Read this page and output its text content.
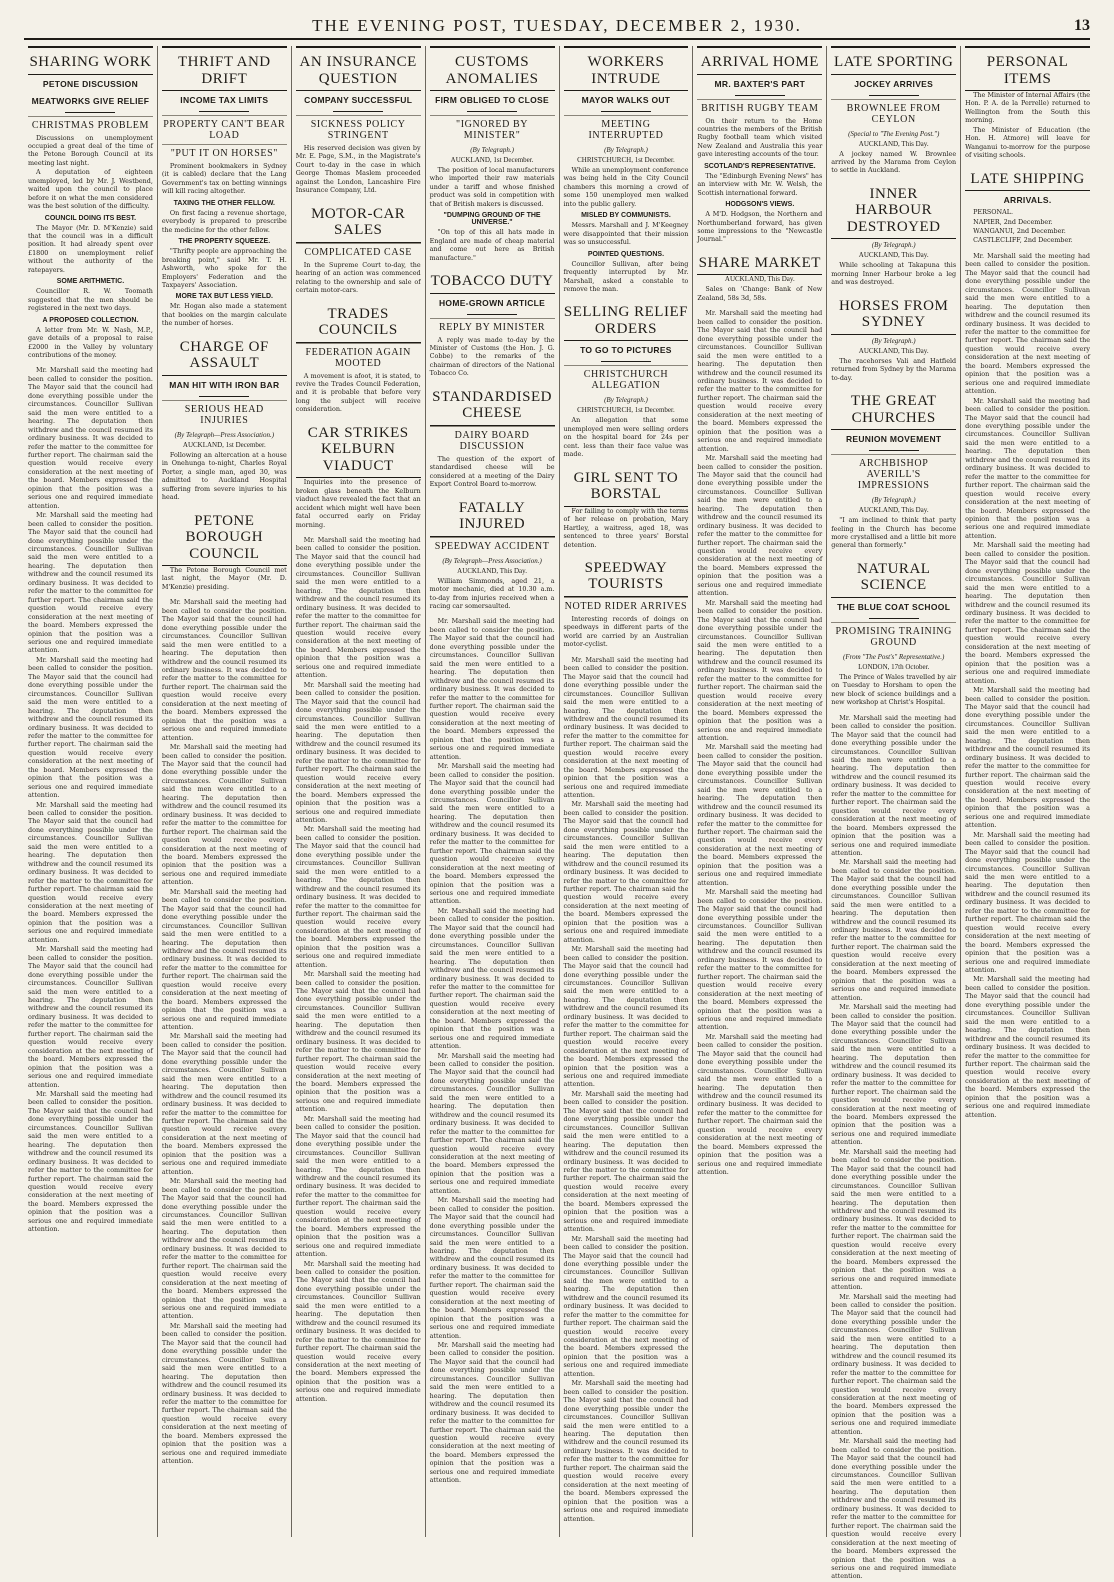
THE EVENING POST, TUESDAY, DECEMBER 2, 1930.	13
SHARING WORK
PETONE DISCUSSION
MEATWORKS GIVE RELIEF
CHRISTMAS PROBLEM

Discussions on unemployment occupied a great deal of the time of the Petone Borough Council at its meeting last night.

A deputation of eighteen unemployed, led by Mr. J. Westbend, waited upon the council to place before it on what the men considered was the best solution of the difficulty.

COUNCIL DOING ITS BEST.

The Mayor (Mr. D. M'Kenzie) said that the council was in a difficult position. It had already spent over £1800 on unemployment relief without the authority of the ratepayers.

SOME ARITHMETIC.

Councillor R. W. Toomath suggested that the men should be registered in the next two days.

A PROPOSED COLLECTION.

A letter from Mr. W. Nash, M.P., gave details of a proposal to raise £2000 in the Valley by voluntary contributions of the money.

Mr. Marshall said the meeting had been called to consider the position. The Mayor said that the council had done everything possible under the circumstances. Councillor Sullivan said the men were entitled to a hearing. The deputation then withdrew and the council resumed its ordinary business. It was decided to refer the matter to the committee for further report. The chairman said the question would receive every consideration at the next meeting of the board. Members expressed the opinion that the position was a serious one and required immediate attention.

Mr. Marshall said the meeting had been called to consider the position. The Mayor said that the council had done everything possible under the circumstances. Councillor Sullivan said the men were entitled to a hearing. The deputation then withdrew and the council resumed its ordinary business. It was decided to refer the matter to the committee for further report. The chairman said the question would receive every consideration at the next meeting of the board. Members expressed the opinion that the position was a serious one and required immediate attention.

Mr. Marshall said the meeting had been called to consider the position. The Mayor said that the council had done everything possible under the circumstances. Councillor Sullivan said the men were entitled to a hearing. The deputation then withdrew and the council resumed its ordinary business. It was decided to refer the matter to the committee for further report. The chairman said the question would receive every consideration at the next meeting of the board. Members expressed the opinion that the position was a serious one and required immediate attention.

Mr. Marshall said the meeting had been called to consider the position. The Mayor said that the council had done everything possible under the circumstances. Councillor Sullivan said the men were entitled to a hearing. The deputation then withdrew and the council resumed its ordinary business. It was decided to refer the matter to the committee for further report. The chairman said the question would receive every consideration at the next meeting of the board. Members expressed the opinion that the position was a serious one and required immediate attention.

Mr. Marshall said the meeting had been called to consider the position. The Mayor said that the council had done everything possible under the circumstances. Councillor Sullivan said the men were entitled to a hearing. The deputation then withdrew and the council resumed its ordinary business. It was decided to refer the matter to the committee for further report. The chairman said the question would receive every consideration at the next meeting of the board. Members expressed the opinion that the position was a serious one and required immediate attention.

Mr. Marshall said the meeting had been called to consider the position. The Mayor said that the council had done everything possible under the circumstances. Councillor Sullivan said the men were entitled to a hearing. The deputation then withdrew and the council resumed its ordinary business. It was decided to refer the matter to the committee for further report. The chairman said the question would receive every consideration at the next meeting of the board. Members expressed the opinion that the position was a serious one and required immediate attention.

THRIFT AND DRIFT
INCOME TAX LIMITS
PROPERTY CAN'T BEAR LOAD
"PUT IT ON HORSES"

Prominent bookmakers in Sydney (it is cabled) declare that the Lang Government's tax on betting winnings will kill racing altogether.

TAXING THE OTHER FELLOW.

On first facing a revenue shortage, everybody is prepared to prescribe the medicine for the other fellow.

THE PROPERTY SQUEEZE.

"Thrifty people are approaching the breaking point," said Mr. T. H. Ashworth, who spoke for the Employers' Federation and the Taxpayers' Association.

MORE TAX BUT LESS YIELD.

Mr. Hogan also made a statement that bookies on the margin calculate the number of horses.

CHARGE OF ASSAULT
MAN HIT WITH IRON BAR
SERIOUS HEAD INJURIES
(By Telegraph—Press Association.)
AUCKLAND, 1st December.

Following an altercation at a house in Onehunga to-night, Charles Royal Porter, a single man, aged 30, was admitted to Auckland Hospital suffering from severe injuries to his head.

PETONE BOROUGH COUNCIL

The Petone Borough Council met last night, the Mayor (Mr. D. M'Kenzie) presiding.

Mr. Marshall said the meeting had been called to consider the position. The Mayor said that the council had done everything possible under the circumstances. Councillor Sullivan said the men were entitled to a hearing. The deputation then withdrew and the council resumed its ordinary business. It was decided to refer the matter to the committee for further report. The chairman said the question would receive every consideration at the next meeting of the board. Members expressed the opinion that the position was a serious one and required immediate attention.

Mr. Marshall said the meeting had been called to consider the position. The Mayor said that the council had done everything possible under the circumstances. Councillor Sullivan said the men were entitled to a hearing. The deputation then withdrew and the council resumed its ordinary business. It was decided to refer the matter to the committee for further report. The chairman said the question would receive every consideration at the next meeting of the board. Members expressed the opinion that the position was a serious one and required immediate attention.

Mr. Marshall said the meeting had been called to consider the position. The Mayor said that the council had done everything possible under the circumstances. Councillor Sullivan said the men were entitled to a hearing. The deputation then withdrew and the council resumed its ordinary business. It was decided to refer the matter to the committee for further report. The chairman said the question would receive every consideration at the next meeting of the board. Members expressed the opinion that the position was a serious one and required immediate attention.

Mr. Marshall said the meeting had been called to consider the position. The Mayor said that the council had done everything possible under the circumstances. Councillor Sullivan said the men were entitled to a hearing. The deputation then withdrew and the council resumed its ordinary business. It was decided to refer the matter to the committee for further report. The chairman said the question would receive every consideration at the next meeting of the board. Members expressed the opinion that the position was a serious one and required immediate attention.

Mr. Marshall said the meeting had been called to consider the position. The Mayor said that the council had done everything possible under the circumstances. Councillor Sullivan said the men were entitled to a hearing. The deputation then withdrew and the council resumed its ordinary business. It was decided to refer the matter to the committee for further report. The chairman said the question would receive every consideration at the next meeting of the board. Members expressed the opinion that the position was a serious one and required immediate attention.

Mr. Marshall said the meeting had been called to consider the position. The Mayor said that the council had done everything possible under the circumstances. Councillor Sullivan said the men were entitled to a hearing. The deputation then withdrew and the council resumed its ordinary business. It was decided to refer the matter to the committee for further report. The chairman said the question would receive every consideration at the next meeting of the board. Members expressed the opinion that the position was a serious one and required immediate attention.

AN INSURANCE QUESTION
COMPANY SUCCESSFUL
SICKNESS POLICY STRINGENT

His reserved decision was given by Mr. E. Page, S.M., in the Magistrate's Court to-day in the case in which George Thomas Maslem proceeded against the London, Lancashire Fire Insurance Company, Ltd.

MOTOR-CAR SALES
COMPLICATED CASE

In the Supreme Court to-day, the hearing of an action was commenced relating to the ownership and sale of certain motor-cars.

TRADES COUNCILS
FEDERATION AGAIN MOOTED

A movement is afoot, it is stated, to revive the Trades Council Federation, and it is probable that before very long the subject will receive consideration.

CAR STRIKES KELBURN VIADUCT

Inquiries into the presence of broken glass beneath the Kelburn viaduct have revealed the fact that an accident which might well have been fatal occurred early on Friday morning.

Mr. Marshall said the meeting had been called to consider the position. The Mayor said that the council had done everything possible under the circumstances. Councillor Sullivan said the men were entitled to a hearing. The deputation then withdrew and the council resumed its ordinary business. It was decided to refer the matter to the committee for further report. The chairman said the question would receive every consideration at the next meeting of the board. Members expressed the opinion that the position was a serious one and required immediate attention.

Mr. Marshall said the meeting had been called to consider the position. The Mayor said that the council had done everything possible under the circumstances. Councillor Sullivan said the men were entitled to a hearing. The deputation then withdrew and the council resumed its ordinary business. It was decided to refer the matter to the committee for further report. The chairman said the question would receive every consideration at the next meeting of the board. Members expressed the opinion that the position was a serious one and required immediate attention.

Mr. Marshall said the meeting had been called to consider the position. The Mayor said that the council had done everything possible under the circumstances. Councillor Sullivan said the men were entitled to a hearing. The deputation then withdrew and the council resumed its ordinary business. It was decided to refer the matter to the committee for further report. The chairman said the question would receive every consideration at the next meeting of the board. Members expressed the opinion that the position was a serious one and required immediate attention.

Mr. Marshall said the meeting had been called to consider the position. The Mayor said that the council had done everything possible under the circumstances. Councillor Sullivan said the men were entitled to a hearing. The deputation then withdrew and the council resumed its ordinary business. It was decided to refer the matter to the committee for further report. The chairman said the question would receive every consideration at the next meeting of the board. Members expressed the opinion that the position was a serious one and required immediate attention.

Mr. Marshall said the meeting had been called to consider the position. The Mayor said that the council had done everything possible under the circumstances. Councillor Sullivan said the men were entitled to a hearing. The deputation then withdrew and the council resumed its ordinary business. It was decided to refer the matter to the committee for further report. The chairman said the question would receive every consideration at the next meeting of the board. Members expressed the opinion that the position was a serious one and required immediate attention.

Mr. Marshall said the meeting had been called to consider the position. The Mayor said that the council had done everything possible under the circumstances. Councillor Sullivan said the men were entitled to a hearing. The deputation then withdrew and the council resumed its ordinary business. It was decided to refer the matter to the committee for further report. The chairman said the question would receive every consideration at the next meeting of the board. Members expressed the opinion that the position was a serious one and required immediate attention.

CUSTOMS ANOMALIES
FIRM OBLIGED TO CLOSE
"IGNORED BY MINISTER"
(By Telegraph.)
AUCKLAND, 1st December.

The position of local manufacturers who imported their raw materials under a tariff and whose finished product was sold in competition with that of British makers is discussed.

"DUMPING GROUND OF THE UNIVERSE."

"On top of this all hats made in England are made of cheap material and come out here as British manufacture."

TOBACCO DUTY
HOME-GROWN ARTICLE
REPLY BY MINISTER

A reply was made to-day by the Minister of Customs (the Hon. J. G. Cobbe) to the remarks of the chairman of directors of the National Tobacco Co.

STANDARDISED CHEESE
DAIRY BOARD DISCUSSION

The question of the export of standardised cheese will be considered at a meeting of the Dairy Export Control Board to-morrow.

FATALLY INJURED
SPEEDWAY ACCIDENT
(By Telegraph—Press Association.)
AUCKLAND, This Day.

William Simmonds, aged 21, a motor mechanic, died at 10.30 a.m. to-day from injuries received when a racing car somersaulted.

Mr. Marshall said the meeting had been called to consider the position. The Mayor said that the council had done everything possible under the circumstances. Councillor Sullivan said the men were entitled to a hearing. The deputation then withdrew and the council resumed its ordinary business. It was decided to refer the matter to the committee for further report. The chairman said the question would receive every consideration at the next meeting of the board. Members expressed the opinion that the position was a serious one and required immediate attention.

Mr. Marshall said the meeting had been called to consider the position. The Mayor said that the council had done everything possible under the circumstances. Councillor Sullivan said the men were entitled to a hearing. The deputation then withdrew and the council resumed its ordinary business. It was decided to refer the matter to the committee for further report. The chairman said the question would receive every consideration at the next meeting of the board. Members expressed the opinion that the position was a serious one and required immediate attention.

Mr. Marshall said the meeting had been called to consider the position. The Mayor said that the council had done everything possible under the circumstances. Councillor Sullivan said the men were entitled to a hearing. The deputation then withdrew and the council resumed its ordinary business. It was decided to refer the matter to the committee for further report. The chairman said the question would receive every consideration at the next meeting of the board. Members expressed the opinion that the position was a serious one and required immediate attention.

Mr. Marshall said the meeting had been called to consider the position. The Mayor said that the council had done everything possible under the circumstances. Councillor Sullivan said the men were entitled to a hearing. The deputation then withdrew and the council resumed its ordinary business. It was decided to refer the matter to the committee for further report. The chairman said the question would receive every consideration at the next meeting of the board. Members expressed the opinion that the position was a serious one and required immediate attention.

Mr. Marshall said the meeting had been called to consider the position. The Mayor said that the council had done everything possible under the circumstances. Councillor Sullivan said the men were entitled to a hearing. The deputation then withdrew and the council resumed its ordinary business. It was decided to refer the matter to the committee for further report. The chairman said the question would receive every consideration at the next meeting of the board. Members expressed the opinion that the position was a serious one and required immediate attention.

Mr. Marshall said the meeting had been called to consider the position. The Mayor said that the council had done everything possible under the circumstances. Councillor Sullivan said the men were entitled to a hearing. The deputation then withdrew and the council resumed its ordinary business. It was decided to refer the matter to the committee for further report. The chairman said the question would receive every consideration at the next meeting of the board. Members expressed the opinion that the position was a serious one and required immediate attention.

WORKERS INTRUDE
MAYOR WALKS OUT
MEETING INTERRUPTED
(By Telegraph.)
CHRISTCHURCH, 1st December.

While an unemployment conference was being held in the City Council chambers this morning a crowd of some 150 unemployed men walked into the public gallery.

MISLED BY COMMUNISTS.

Messrs. Marshall and J. M'Keegney were disappointed that their mission was so unsuccessful.

POINTED QUESTIONS.

Councillor Sullivan, after being frequently interrupted by Mr. Marshall, asked a constable to remove the man.

SELLING RELIEF ORDERS
TO GO TO PICTURES
CHRISTCHURCH ALLEGATION
(By Telegraph.)
CHRISTCHURCH, 1st December.

An allegation that some unemployed men were selling orders on the hospital board for 24s per cent. less than their face value was made.

GIRL SENT TO BORSTAL

For failing to comply with the terms of her release on probation, Mary Hartley, a waitress, aged 18, was sentenced to three years' Borstal detention.

SPEEDWAY TOURISTS
NOTED RIDER ARRIVES

Interesting records of doings on speedways in different parts of the world are carried by an Australian motor-cyclist.

Mr. Marshall said the meeting had been called to consider the position. The Mayor said that the council had done everything possible under the circumstances. Councillor Sullivan said the men were entitled to a hearing. The deputation then withdrew and the council resumed its ordinary business. It was decided to refer the matter to the committee for further report. The chairman said the question would receive every consideration at the next meeting of the board. Members expressed the opinion that the position was a serious one and required immediate attention.

Mr. Marshall said the meeting had been called to consider the position. The Mayor said that the council had done everything possible under the circumstances. Councillor Sullivan said the men were entitled to a hearing. The deputation then withdrew and the council resumed its ordinary business. It was decided to refer the matter to the committee for further report. The chairman said the question would receive every consideration at the next meeting of the board. Members expressed the opinion that the position was a serious one and required immediate attention.

Mr. Marshall said the meeting had been called to consider the position. The Mayor said that the council had done everything possible under the circumstances. Councillor Sullivan said the men were entitled to a hearing. The deputation then withdrew and the council resumed its ordinary business. It was decided to refer the matter to the committee for further report. The chairman said the question would receive every consideration at the next meeting of the board. Members expressed the opinion that the position was a serious one and required immediate attention.

Mr. Marshall said the meeting had been called to consider the position. The Mayor said that the council had done everything possible under the circumstances. Councillor Sullivan said the men were entitled to a hearing. The deputation then withdrew and the council resumed its ordinary business. It was decided to refer the matter to the committee for further report. The chairman said the question would receive every consideration at the next meeting of the board. Members expressed the opinion that the position was a serious one and required immediate attention.

Mr. Marshall said the meeting had been called to consider the position. The Mayor said that the council had done everything possible under the circumstances. Councillor Sullivan said the men were entitled to a hearing. The deputation then withdrew and the council resumed its ordinary business. It was decided to refer the matter to the committee for further report. The chairman said the question would receive every consideration at the next meeting of the board. Members expressed the opinion that the position was a serious one and required immediate attention.

Mr. Marshall said the meeting had been called to consider the position. The Mayor said that the council had done everything possible under the circumstances. Councillor Sullivan said the men were entitled to a hearing. The deputation then withdrew and the council resumed its ordinary business. It was decided to refer the matter to the committee for further report. The chairman said the question would receive every consideration at the next meeting of the board. Members expressed the opinion that the position was a serious one and required immediate attention.

ARRIVAL HOME
MR. BAXTER'S PART
BRITISH RUGBY TEAM

On their return to the Home countries the members of the British Rugby football team which visited New Zealand and Australia this year gave interesting accounts of the tour.

SCOTLAND'S REPRESENTATIVE.

The "Edinburgh Evening News" has an interview with Mr. W. Welsh, the Scottish international forward.

HODGSON'S VIEWS.

A M'D. Hodgson, the Northern and Northumberland forward, has given some impressions to the "Newcastle Journal."

SHARE MARKET
AUCKLAND, This Day.

Sales on 'Change: Bank of New Zealand, 58s 3d, 58s.

Mr. Marshall said the meeting had been called to consider the position. The Mayor said that the council had done everything possible under the circumstances. Councillor Sullivan said the men were entitled to a hearing. The deputation then withdrew and the council resumed its ordinary business. It was decided to refer the matter to the committee for further report. The chairman said the question would receive every consideration at the next meeting of the board. Members expressed the opinion that the position was a serious one and required immediate attention.

Mr. Marshall said the meeting had been called to consider the position. The Mayor said that the council had done everything possible under the circumstances. Councillor Sullivan said the men were entitled to a hearing. The deputation then withdrew and the council resumed its ordinary business. It was decided to refer the matter to the committee for further report. The chairman said the question would receive every consideration at the next meeting of the board. Members expressed the opinion that the position was a serious one and required immediate attention.

Mr. Marshall said the meeting had been called to consider the position. The Mayor said that the council had done everything possible under the circumstances. Councillor Sullivan said the men were entitled to a hearing. The deputation then withdrew and the council resumed its ordinary business. It was decided to refer the matter to the committee for further report. The chairman said the question would receive every consideration at the next meeting of the board. Members expressed the opinion that the position was a serious one and required immediate attention.

Mr. Marshall said the meeting had been called to consider the position. The Mayor said that the council had done everything possible under the circumstances. Councillor Sullivan said the men were entitled to a hearing. The deputation then withdrew and the council resumed its ordinary business. It was decided to refer the matter to the committee for further report. The chairman said the question would receive every consideration at the next meeting of the board. Members expressed the opinion that the position was a serious one and required immediate attention.

Mr. Marshall said the meeting had been called to consider the position. The Mayor said that the council had done everything possible under the circumstances. Councillor Sullivan said the men were entitled to a hearing. The deputation then withdrew and the council resumed its ordinary business. It was decided to refer the matter to the committee for further report. The chairman said the question would receive every consideration at the next meeting of the board. Members expressed the opinion that the position was a serious one and required immediate attention.

Mr. Marshall said the meeting had been called to consider the position. The Mayor said that the council had done everything possible under the circumstances. Councillor Sullivan said the men were entitled to a hearing. The deputation then withdrew and the council resumed its ordinary business. It was decided to refer the matter to the committee for further report. The chairman said the question would receive every consideration at the next meeting of the board. Members expressed the opinion that the position was a serious one and required immediate attention.

LATE SPORTING
JOCKEY ARRIVES
BROWNLEE FROM CEYLON
(Special to "The Evening Post.")
AUCKLAND, This Day.

A jockey named W. Brownlee arrived by the Marama from Ceylon to settle in Auckland.

INNER HARBOUR DESTROYED
(By Telegraph.)
AUCKLAND, This Day.

While schooling at Takapuna this morning Inner Harbour broke a leg and was destroyed.

HORSES FROM SYDNEY
(By Telegraph.)
AUCKLAND, This Day.

The racehorses Vali and Hatfield returned from Sydney by the Marama to-day.

THE GREAT CHURCHES
REUNION MOVEMENT
ARCHBISHOP AVERILL'S IMPRESSIONS
(By Telegraph.)
AUCKLAND, This Day.

"I am inclined to think that party feeling in the Church has become more crystallised and a little bit more general than formerly."

NATURAL SCIENCE
THE BLUE COAT SCHOOL
PROMISING TRAINING GROUND
(From "The Post's" Representative.)
LONDON, 17th October.

The Prince of Wales travelled by air on Tuesday to Horsham to open the new block of science buildings and a new workshop at Christ's Hospital.

Mr. Marshall said the meeting had been called to consider the position. The Mayor said that the council had done everything possible under the circumstances. Councillor Sullivan said the men were entitled to a hearing. The deputation then withdrew and the council resumed its ordinary business. It was decided to refer the matter to the committee for further report. The chairman said the question would receive every consideration at the next meeting of the board. Members expressed the opinion that the position was a serious one and required immediate attention.

Mr. Marshall said the meeting had been called to consider the position. The Mayor said that the council had done everything possible under the circumstances. Councillor Sullivan said the men were entitled to a hearing. The deputation then withdrew and the council resumed its ordinary business. It was decided to refer the matter to the committee for further report. The chairman said the question would receive every consideration at the next meeting of the board. Members expressed the opinion that the position was a serious one and required immediate attention.

Mr. Marshall said the meeting had been called to consider the position. The Mayor said that the council had done everything possible under the circumstances. Councillor Sullivan said the men were entitled to a hearing. The deputation then withdrew and the council resumed its ordinary business. It was decided to refer the matter to the committee for further report. The chairman said the question would receive every consideration at the next meeting of the board. Members expressed the opinion that the position was a serious one and required immediate attention.

Mr. Marshall said the meeting had been called to consider the position. The Mayor said that the council had done everything possible under the circumstances. Councillor Sullivan said the men were entitled to a hearing. The deputation then withdrew and the council resumed its ordinary business. It was decided to refer the matter to the committee for further report. The chairman said the question would receive every consideration at the next meeting of the board. Members expressed the opinion that the position was a serious one and required immediate attention.

Mr. Marshall said the meeting had been called to consider the position. The Mayor said that the council had done everything possible under the circumstances. Councillor Sullivan said the men were entitled to a hearing. The deputation then withdrew and the council resumed its ordinary business. It was decided to refer the matter to the committee for further report. The chairman said the question would receive every consideration at the next meeting of the board. Members expressed the opinion that the position was a serious one and required immediate attention.

Mr. Marshall said the meeting had been called to consider the position. The Mayor said that the council had done everything possible under the circumstances. Councillor Sullivan said the men were entitled to a hearing. The deputation then withdrew and the council resumed its ordinary business. It was decided to refer the matter to the committee for further report. The chairman said the question would receive every consideration at the next meeting of the board. Members expressed the opinion that the position was a serious one and required immediate attention.

PERSONAL ITEMS

The Minister of Internal Affairs (the Hon. P. A. de la Perrelle) returned to Wellington from the South this morning.

The Minister of Education (the Hon. H. Atmore) will leave for Wanganui to-morrow for the purpose of visiting schools.

LATE SHIPPING
ARRIVALS.

PERSONAL.

NAPIER, 2nd December.

WANGANUI, 2nd December.

CASTLECLIFF, 2nd December.

Mr. Marshall said the meeting had been called to consider the position. The Mayor said that the council had done everything possible under the circumstances. Councillor Sullivan said the men were entitled to a hearing. The deputation then withdrew and the council resumed its ordinary business. It was decided to refer the matter to the committee for further report. The chairman said the question would receive every consideration at the next meeting of the board. Members expressed the opinion that the position was a serious one and required immediate attention.

Mr. Marshall said the meeting had been called to consider the position. The Mayor said that the council had done everything possible under the circumstances. Councillor Sullivan said the men were entitled to a hearing. The deputation then withdrew and the council resumed its ordinary business. It was decided to refer the matter to the committee for further report. The chairman said the question would receive every consideration at the next meeting of the board. Members expressed the opinion that the position was a serious one and required immediate attention.

Mr. Marshall said the meeting had been called to consider the position. The Mayor said that the council had done everything possible under the circumstances. Councillor Sullivan said the men were entitled to a hearing. The deputation then withdrew and the council resumed its ordinary business. It was decided to refer the matter to the committee for further report. The chairman said the question would receive every consideration at the next meeting of the board. Members expressed the opinion that the position was a serious one and required immediate attention.

Mr. Marshall said the meeting had been called to consider the position. The Mayor said that the council had done everything possible under the circumstances. Councillor Sullivan said the men were entitled to a hearing. The deputation then withdrew and the council resumed its ordinary business. It was decided to refer the matter to the committee for further report. The chairman said the question would receive every consideration at the next meeting of the board. Members expressed the opinion that the position was a serious one and required immediate attention.

Mr. Marshall said the meeting had been called to consider the position. The Mayor said that the council had done everything possible under the circumstances. Councillor Sullivan said the men were entitled to a hearing. The deputation then withdrew and the council resumed its ordinary business. It was decided to refer the matter to the committee for further report. The chairman said the question would receive every consideration at the next meeting of the board. Members expressed the opinion that the position was a serious one and required immediate attention.

Mr. Marshall said the meeting had been called to consider the position. The Mayor said that the council had done everything possible under the circumstances. Councillor Sullivan said the men were entitled to a hearing. The deputation then withdrew and the council resumed its ordinary business. It was decided to refer the matter to the committee for further report. The chairman said the question would receive every consideration at the next meeting of the board. Members expressed the opinion that the position was a serious one and required immediate attention.
